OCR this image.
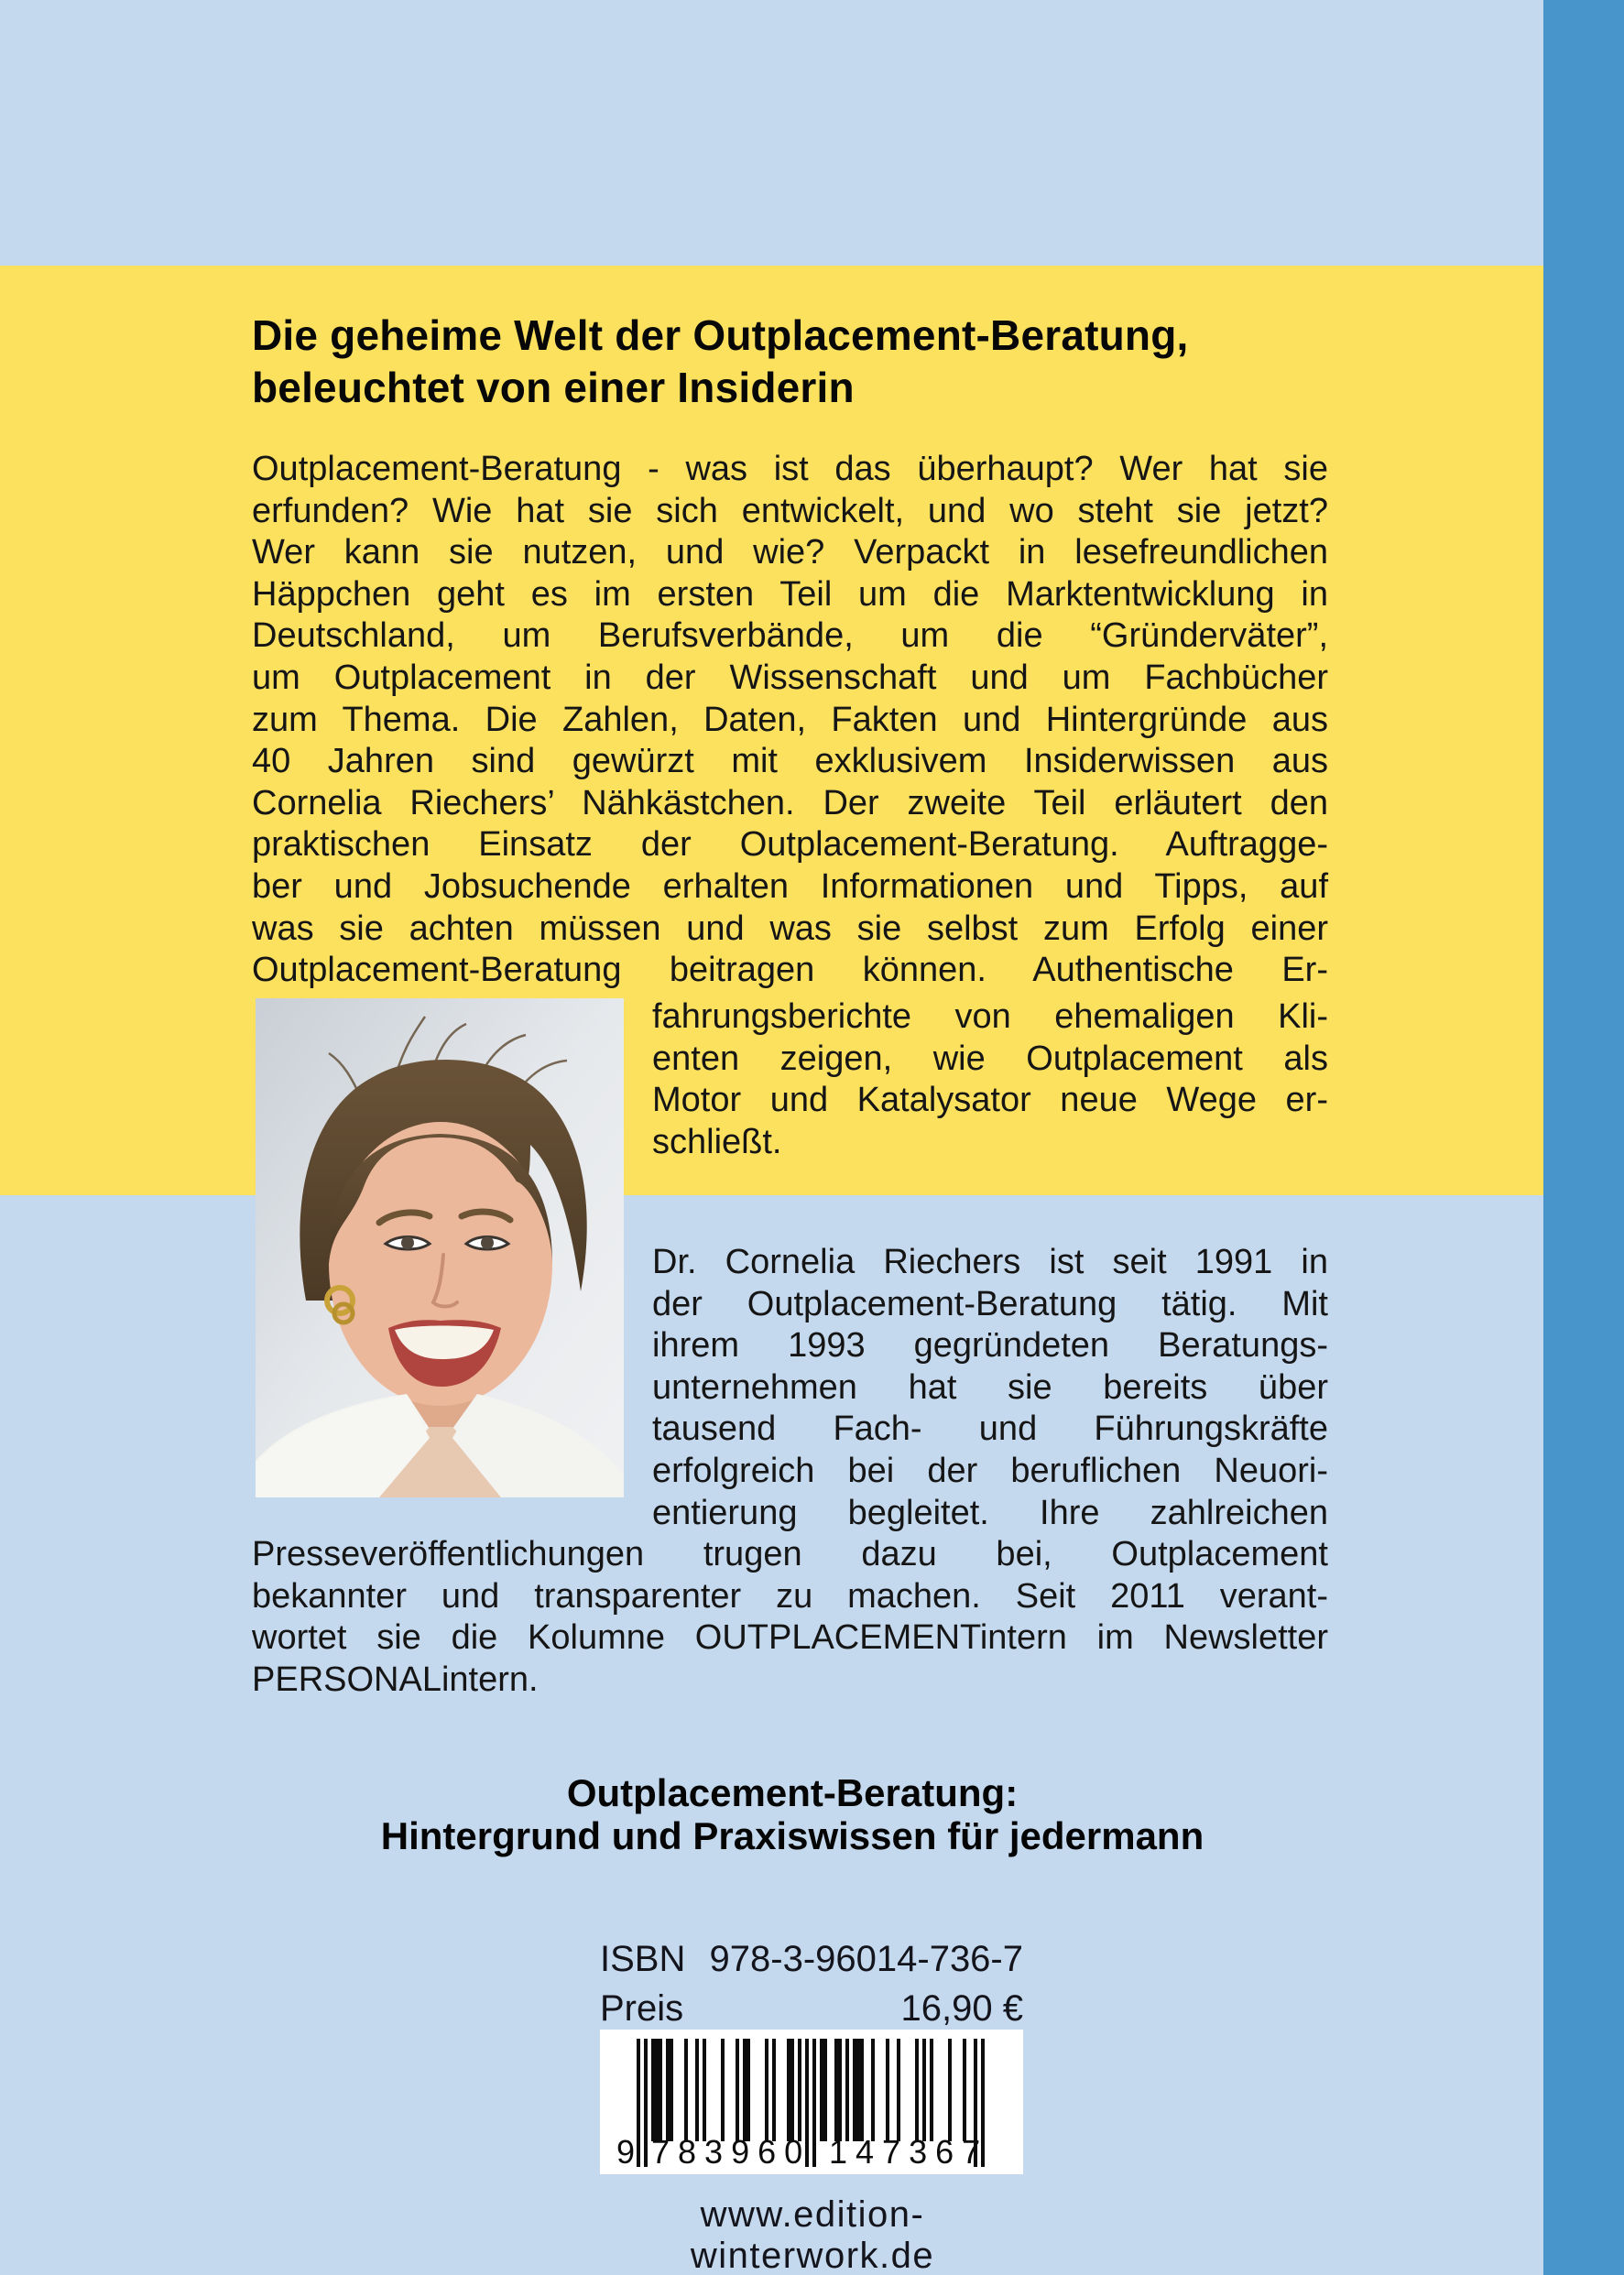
Die geheime Welt der Outplacement-Beratung,
beleuchtet von einer Insiderin
Outplacement-Beratung - was ist das überhaupt? Wer hat sie
erfunden? Wie hat sie sich entwickelt, und wo steht sie jetzt?
Wer kann sie nutzen, und wie? Verpackt in lesefreundlichen
Häppchen geht es im ersten Teil um die Marktentwicklung in
Deutschland, um Berufsverbände, um die “Gründerväter”,
um Outplacement in der Wissenschaft und um Fachbücher
zum Thema. Die Zahlen, Daten, Fakten und Hintergründe aus
40 Jahren sind gewürzt mit exklusivem Insiderwissen aus
Cornelia Riechers’ Nähkästchen. Der zweite Teil erläutert den
praktischen Einsatz der Outplacement-Beratung. Auftragge-
ber und Jobsuchende erhalten Informationen und Tipps, auf
was sie achten müssen und was sie selbst zum Erfolg einer
Outplacement-Beratung beitragen können. Authentische Er-
fahrungsberichte von ehemaligen Kli-
enten zeigen, wie Outplacement als
Motor und Katalysator neue Wege er-
schließt.
Dr. Cornelia Riechers ist seit 1991 in
der Outplacement-Beratung tätig. Mit
ihrem 1993 gegründeten Beratungs-
unternehmen hat sie bereits über
tausend Fach- und Führungskräfte
erfolgreich bei der beruflichen Neuori-
entierung begleitet. Ihre zahlreichen
Presseveröffentlichungen trugen dazu bei, Outplacement
bekannter und transparenter zu machen. Seit 2011 verant-
wortet sie die Kolumne OUTPLACEMENTintern im Newsletter
PERSONALintern.
Outplacement-Beratung:
Hintergrund und Praxiswissen für jedermann
ISBN 978-3-96014-736-7
Preis	16,90 €
9 783960 147367
www.edition-winterwork.de
